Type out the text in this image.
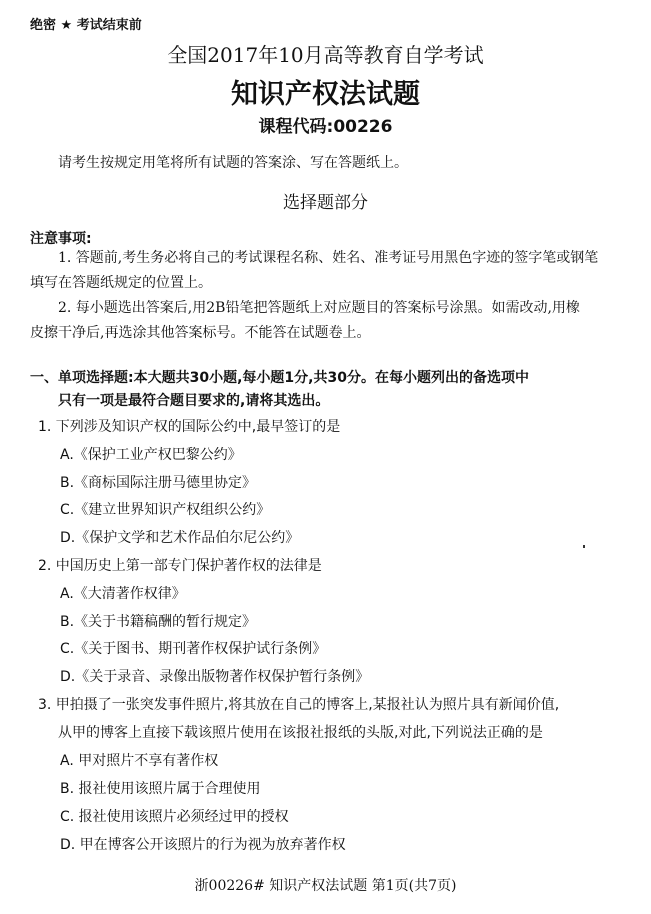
绝密 ★ 考试结束前
全国2017年10月高等教育自学考试
知识产权法试题
课程代码:00226
请考生按规定用笔将所有试题的答案涂、写在答题纸上。
选择题部分
注意事项:
1. 答题前,考生务必将自己的考试课程名称、姓名、准考证号用黑色字迹的签字笔或钢笔
填写在答题纸规定的位置上。
2. 每小题选出答案后,用2B铅笔把答题纸上对应题目的答案标号涂黑。如需改动,用橡
皮擦干净后,再选涂其他答案标号。不能答在试题卷上。
一、单项选择题:本大题共30小题,每小题1分,共30分。在每小题列出的备选项中
只有一项是最符合题目要求的,请将其选出。
1. 下列涉及知识产权的国际公约中,最早签订的是
A.《保护工业产权巴黎公约》
B.《商标国际注册马德里协定》
C.《建立世界知识产权组织公约》
D.《保护文学和艺术作品伯尔尼公约》
2. 中国历史上第一部专门保护著作权的法律是
A.《大清著作权律》
B.《关于书籍稿酬的暂行规定》
C.《关于图书、期刊著作权保护试行条例》
D.《关于录音、录像出版物著作权保护暂行条例》
3. 甲拍摄了一张突发事件照片,将其放在自己的博客上,某报社认为照片具有新闻价值,
从甲的博客上直接下载该照片使用在该报社报纸的头版,对此,下列说法正确的是
A. 甲对照片不享有著作权
B. 报社使用该照片属于合理使用
C. 报社使用该照片必须经过甲的授权
D. 甲在博客公开该照片的行为视为放弃著作权
浙00226# 知识产权法试题 第1页(共7页)
